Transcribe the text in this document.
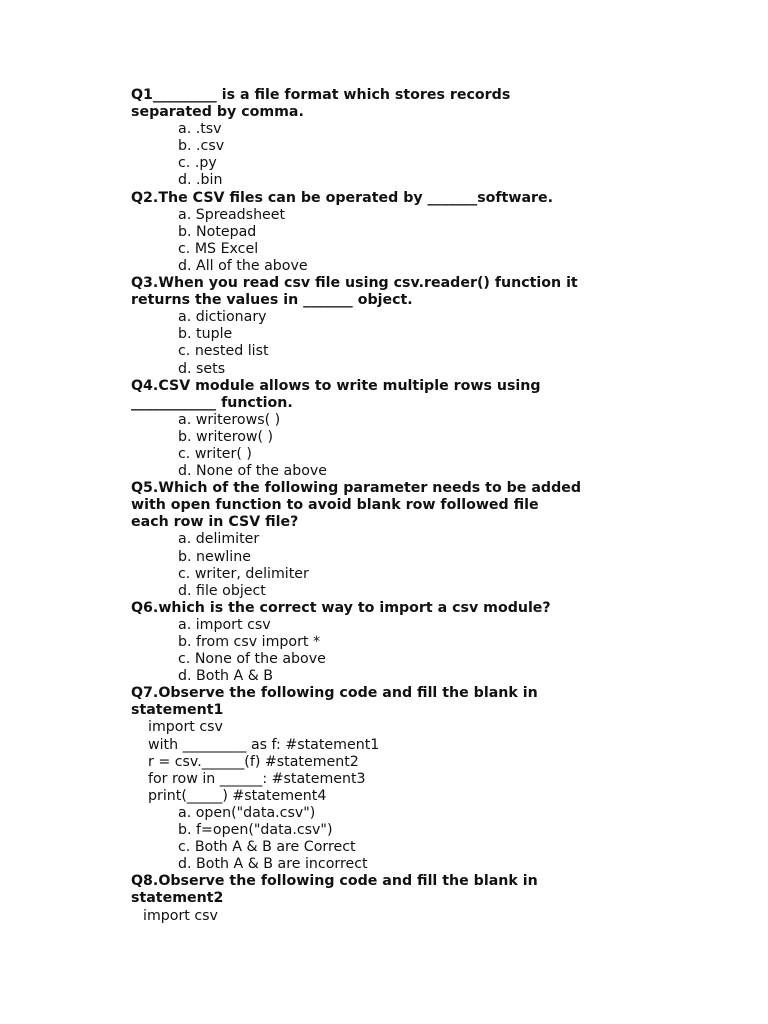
Q1_________ is a file format which stores records
separated by comma.
a. .tsv
b. .csv
c. .py
d. .bin
Q2.The CSV files can be operated by _______software.
a. Spreadsheet
b. Notepad
c. MS Excel
d. All of the above
Q3.When you read csv file using csv.reader() function it
returns the values in _______ object.
a. dictionary
b. tuple
c. nested list
d. sets
Q4.CSV module allows to write multiple rows using
____________ function.
a. writerows( )
b. writerow( )
c. writer( )
d. None of the above
Q5.Which of the following parameter needs to be added
with open function to avoid blank row followed file
each row in CSV file?
a. delimiter
b. newline
c. writer, delimiter
d. file object
Q6.which is the correct way to import a csv module?
a. import csv
b. from csv import *
c. None of the above
d. Both A & B
Q7.Observe the following code and fill the blank in
statement1
import csv
with _________ as f: #statement1
r = csv.______(f) #statement2
for row in ______: #statement3
print(_____) #statement4
a. open("data.csv")
b. f=open("data.csv")
c. Both A & B are Correct
d. Both A & B are incorrect
Q8.Observe the following code and fill the blank in
statement2
import csv
